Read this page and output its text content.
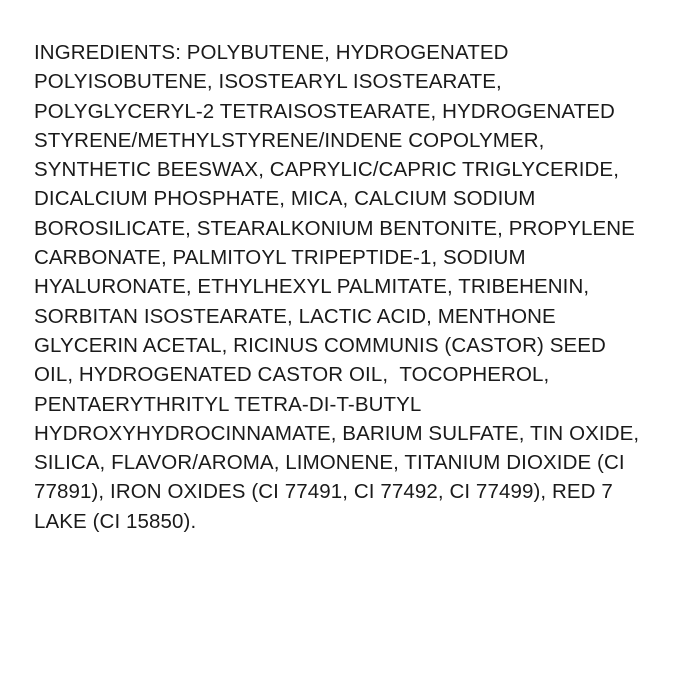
INGREDIENTS: POLYBUTENE, HYDROGENATED POLYISOBUTENE, ISOSTEARYL ISOSTEARATE, POLYGLYCERYL-2 TETRAISOSTEARATE, HYDROGENATED STYRENE/METHYLSTYRENE/INDENE COPOLYMER, SYNTHETIC BEESWAX, CAPRYLIC/CAPRIC TRIGLYCERIDE, DICALCIUM PHOSPHATE, MICA, CALCIUM SODIUM BOROSILICATE, STEARALKONIUM BENTONITE, PROPYLENE CARBONATE, PALMITOYL TRIPEPTIDE-1, SODIUM HYALURONATE, ETHYLHEXYL PALMITATE, TRIBEHENIN, SORBITAN ISOSTEARATE, LACTIC ACID, MENTHONE GLYCERIN ACETAL, RICINUS COMMUNIS (CASTOR) SEED OIL, HYDROGENATED CASTOR OIL,  TOCOPHEROL, PENTAERYTHRITYL TETRA-DI-T-BUTYL HYDROXYHYDROCINNAMATE, BARIUM SULFATE, TIN OXIDE, SILICA, FLAVOR/AROMA, LIMONENE, TITANIUM DIOXIDE (CI 77891), IRON OXIDES (CI 77491, CI 77492, CI 77499), RED 7 LAKE (CI 15850).
